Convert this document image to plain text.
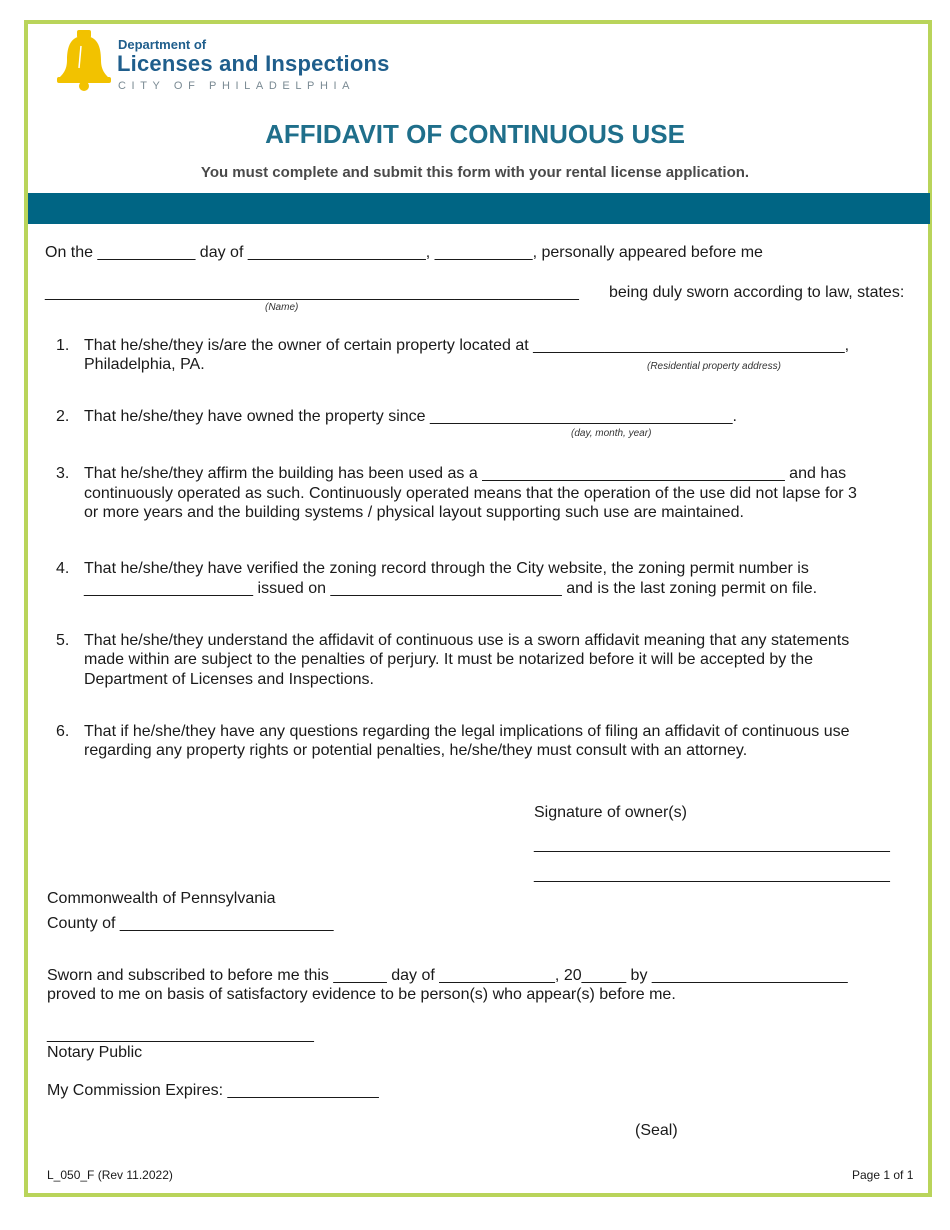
Department of
Licenses and Inspections
CITY OF PHILADELPHIA
AFFIDAVIT OF CONTINUOUS USE
You must complete and submit this form with your rental license application.
On the ___________ day of ____________________, ___________, personally appeared before me
____________________________________________________________ being duly sworn according to law, states:
(Name)
1. That he/she/they is/are the owner of certain property located at ___________________________________,
Philadelphia, PA.	(Residential property address)
2. That he/she/they have owned the property since __________________________________.
(day, month, year)
3. That he/she/they affirm the building has been used as a __________________________________ and has
continuously operated as such. Continuously operated means that the operation of the use did not lapse for 3
or more years and the building systems / physical layout supporting such use are maintained.
4. That he/she/they have verified the zoning record through the City website, the zoning permit number is
___________________ issued on __________________________ and is the last zoning permit on file.
5. That he/she/they understand the affidavit of continuous use is a sworn affidavit meaning that any statements
made within are subject to the penalties of perjury. It must be notarized before it will be accepted by the
Department of Licenses and Inspections.
6. That if he/she/they have any questions regarding the legal implications of filing an affidavit of continuous use
regarding any property rights or potential penalties, he/she/they must consult with an attorney.
Signature of owner(s)
________________________________________
________________________________________
Commonwealth of Pennsylvania
County of ________________________
Sworn and subscribed to before me this ______ day of _____________, 20_____ by ______________________
proved to me on basis of satisfactory evidence to be person(s) who appear(s) before me.
______________________________
Notary Public
My Commission Expires: _________________
(Seal)
L_050_F (Rev 11.2022)	Page 1 of 1
